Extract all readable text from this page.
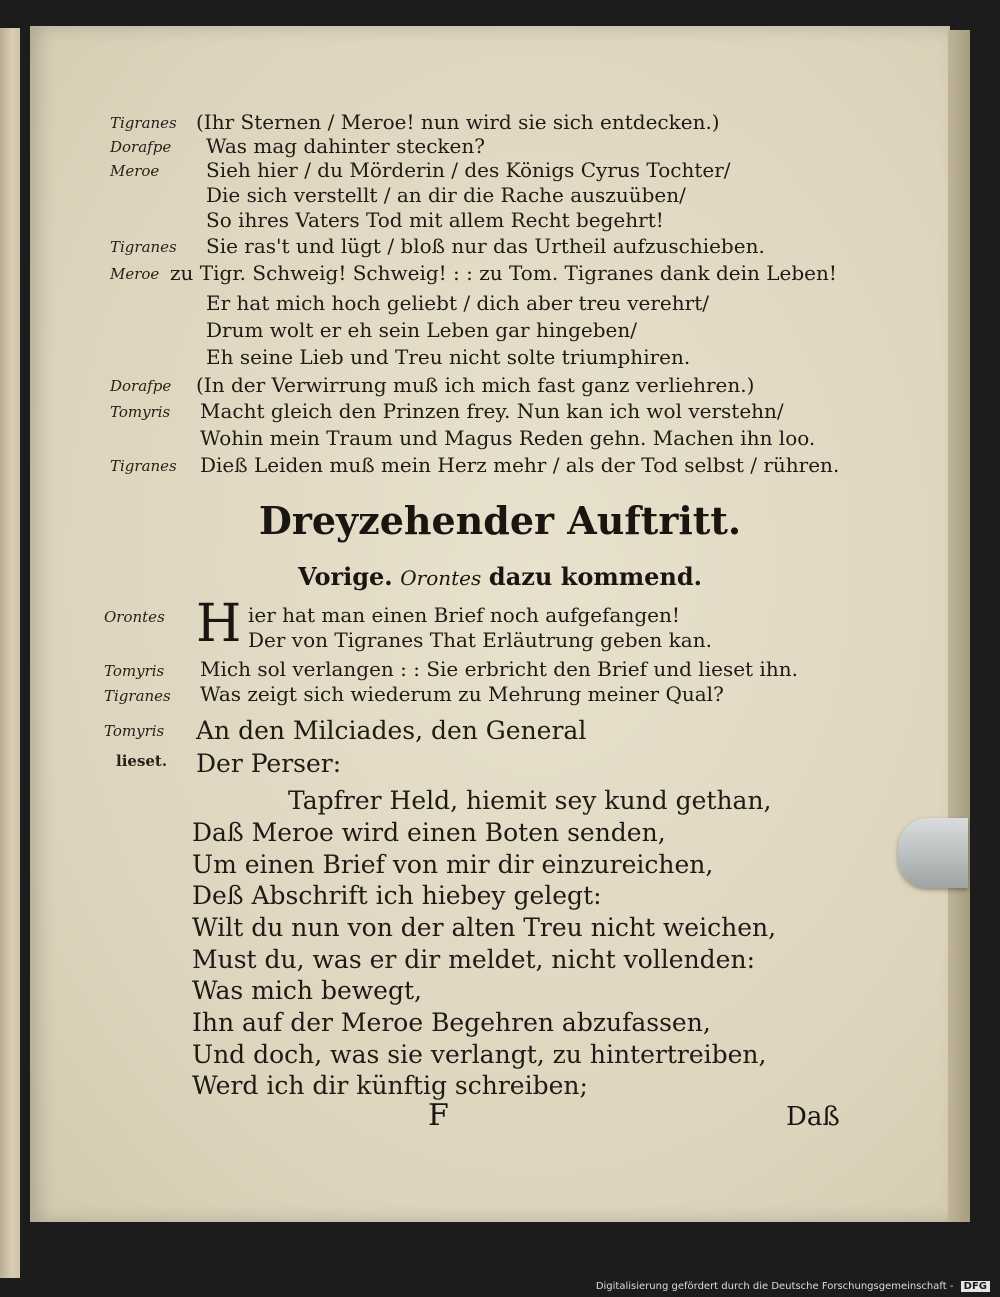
Tigranes (Ihr Sternen / Meroe! nun wird sie sich entdecken.)
Dorafpe Was mag dahinter stecken?
Meroe Sieh hier / du Mörderin / des Königs Cyrus Tochter/
Die sich verstellt / an dir die Rache auszuüben/
So ihres Vaters Tod mit allem Recht begehrt!
Tigranes Sie ras't und lügt / bloß nur das Urtheil aufzuschieben.
Meroe zu Tigr. Schweig! Schweig! : : zu Tom. Tigranes dank dein Leben!
Er hat mich hoch geliebt / dich aber treu verehrt/
Drum wolt er eh sein Leben gar hingeben/
Eh seine Lieb und Treu nicht solte triumphiren.
Dorafpe (In der Verwirrung muß ich mich fast ganz verliehren.)
Tomyris Macht gleich den Prinzen frey. Nun kan ich wol verstehn/
Wohin mein Traum und Magus Reden gehn. Machen ihn loo.
Tigranes Dieß Leiden muß mein Herz mehr / als der Tod selbst / rühren.
Dreyzehender Auftritt.
Vorige. Orontes dazu kommend.
H
Orontes	ier hat man einen Brief noch aufgefangen!
Der von Tigranes That Erläutrung geben kan.
Tomyris Mich sol verlangen : : Sie erbricht den Brief und lieset ihn.
Tigranes Was zeigt sich wiederum zu Mehrung meiner Qual?
Tomyris
lieset.
An den Milciades, den General
Der Perser:
Tapfrer Held, hiemit sey kund gethan,
Daß Meroe wird einen Boten senden,
Um einen Brief von mir dir einzureichen,
Deß Abschrift ich hiebey gelegt:
Wilt du nun von der alten Treu nicht weichen,
Must du, was er dir meldet, nicht vollenden:
Was mich bewegt,
Ihn auf der Meroe Begehren abzufassen,
Und doch, was sie verlangt, zu hintertreiben,
Werd ich dir künftig schreiben;
F	Daß
Digitalisierung gefördert durch die Deutsche Forschungsgemeinschaft - DFG
